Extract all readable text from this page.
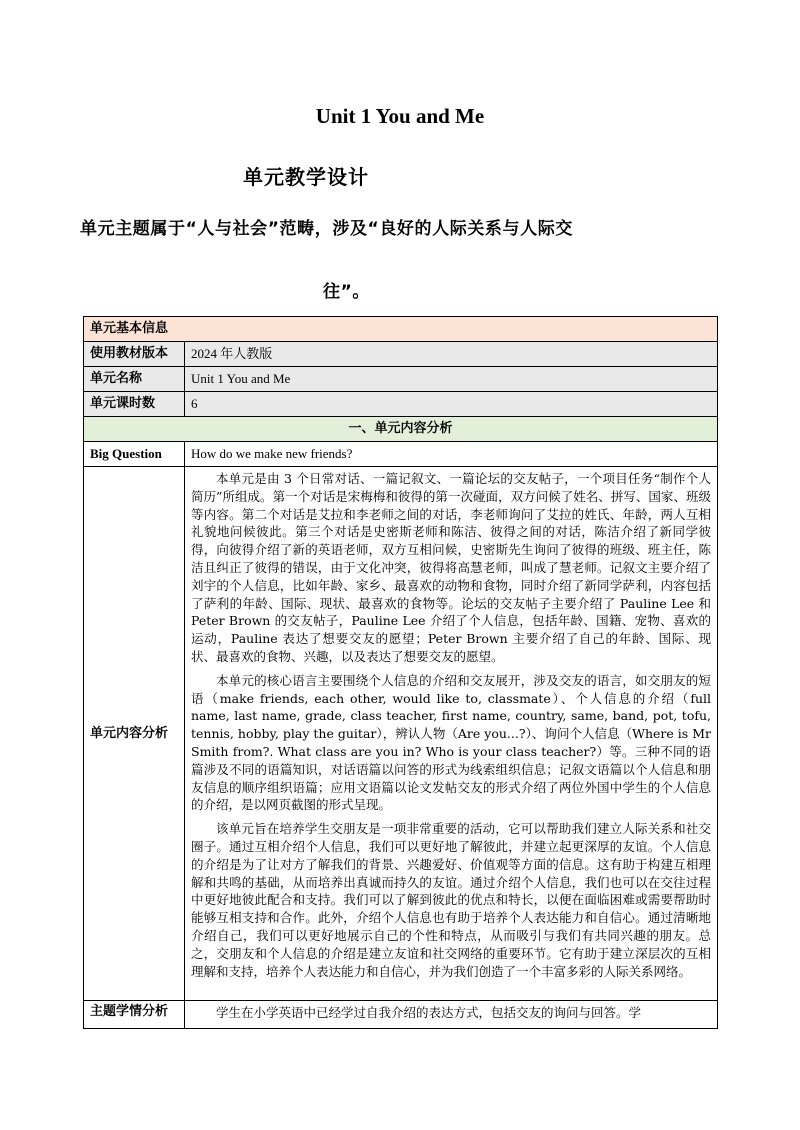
Unit 1 You and Me
单元教学设计
单元主题属于“人与社会”范畴，涉及“良好的人际关系与人际交
往”。
单元基本信息	
使用教材版本	2024 年人教版
单元名称	Unit 1 You and Me
单元课时数	6
一、单元内容分析	
Big Question	How do we make new friends?
单元内容分析	本单元是由 3 个日常对话、一篇记叙文、一篇论坛的交友帖子，一个项目任务“制作个人简历”所组成。第一个对话是宋梅梅和彼得的第一次碰面，双方问候了姓名、拼写、国家、班级等内容。第二个对话是艾拉和李老师之间的对话，李老师询问了艾拉的姓氏、年龄，两人互相礼貌地问候彼此。第三个对话是史密斯老师和陈洁、彼得之间的对话，陈洁介绍了新同学彼得，向彼得介绍了新的英语老师，双方互相问候，史密斯先生询问了彼得的班级、班主任，陈洁且纠正了彼得的错误，由于文化冲突，彼得将高慧老师，叫成了慧老师。记叙文主要介绍了刘宇的个人信息，比如年龄、家乡、最喜欢的动物和食物，同时介绍了新同学萨利，内容包括了萨利的年龄、国际、现状、最喜欢的食物等。论坛的交友帖子主要介绍了 Pauline Lee 和 Peter Brown 的交友帖子，Pauline Lee 介绍了个人信息，包括年龄、国籍、宠物、喜欢的运动，Pauline 表达了想要交友的愿望；Peter Brown 主要介绍了自己的年龄、国际、现状、最喜欢的食物、兴趣，以及表达了想要交友的愿望。

本单元的核心语言主要围绕个人信息的介绍和交友展开，涉及交友的语言，如交朋友的短语（make friends, each other, would like to, classmate）、个人信息的介绍（full name, last name, grade, class teacher, first name, country, same, band, pot, tofu, tennis, hobby, play the guitar），辨认人物（Are you...?）、询问个人信息（Where is Mr Smith from?. What class are you in? Who is your class teacher?）等。三种不同的语篇涉及不同的语篇知识，对话语篇以问答的形式为线索组织信息；记叙文语篇以个人信息和朋友信息的顺序组织语篇；应用文语篇以论文发帖交友的形式介绍了两位外国中学生的个人信息的介绍，是以网页截图的形式呈现。

该单元旨在培养学生交朋友是一项非常重要的活动，它可以帮助我们建立人际关系和社交圈子。通过互相介绍个人信息，我们可以更好地了解彼此，并建立起更深厚的友谊。个人信息的介绍是为了让对方了解我们的背景、兴趣爱好、价值观等方面的信息。这有助于构建互相理解和共鸣的基础，从而培养出真诚而持久的友谊。通过介绍个人信息，我们也可以在交往过程中更好地彼此配合和支持。我们可以了解到彼此的优点和特长，以便在面临困难或需要帮助时能够互相支持和合作。此外，介绍个人信息也有助于培养个人表达能力和自信心。通过清晰地介绍自己，我们可以更好地展示自己的个性和特点，从而吸引与我们有共同兴趣的朋友。总之，交朋友和个人信息的介绍是建立友谊和社交网络的重要环节。它有助于建立深层次的互相理解和支持，培养个人表达能力和自信心，并为我们创造了一个丰富多彩的人际关系网络。

主题学情分析	学生在小学英语中已经学过自我介绍的表达方式，包括交友的询问与回答。学
